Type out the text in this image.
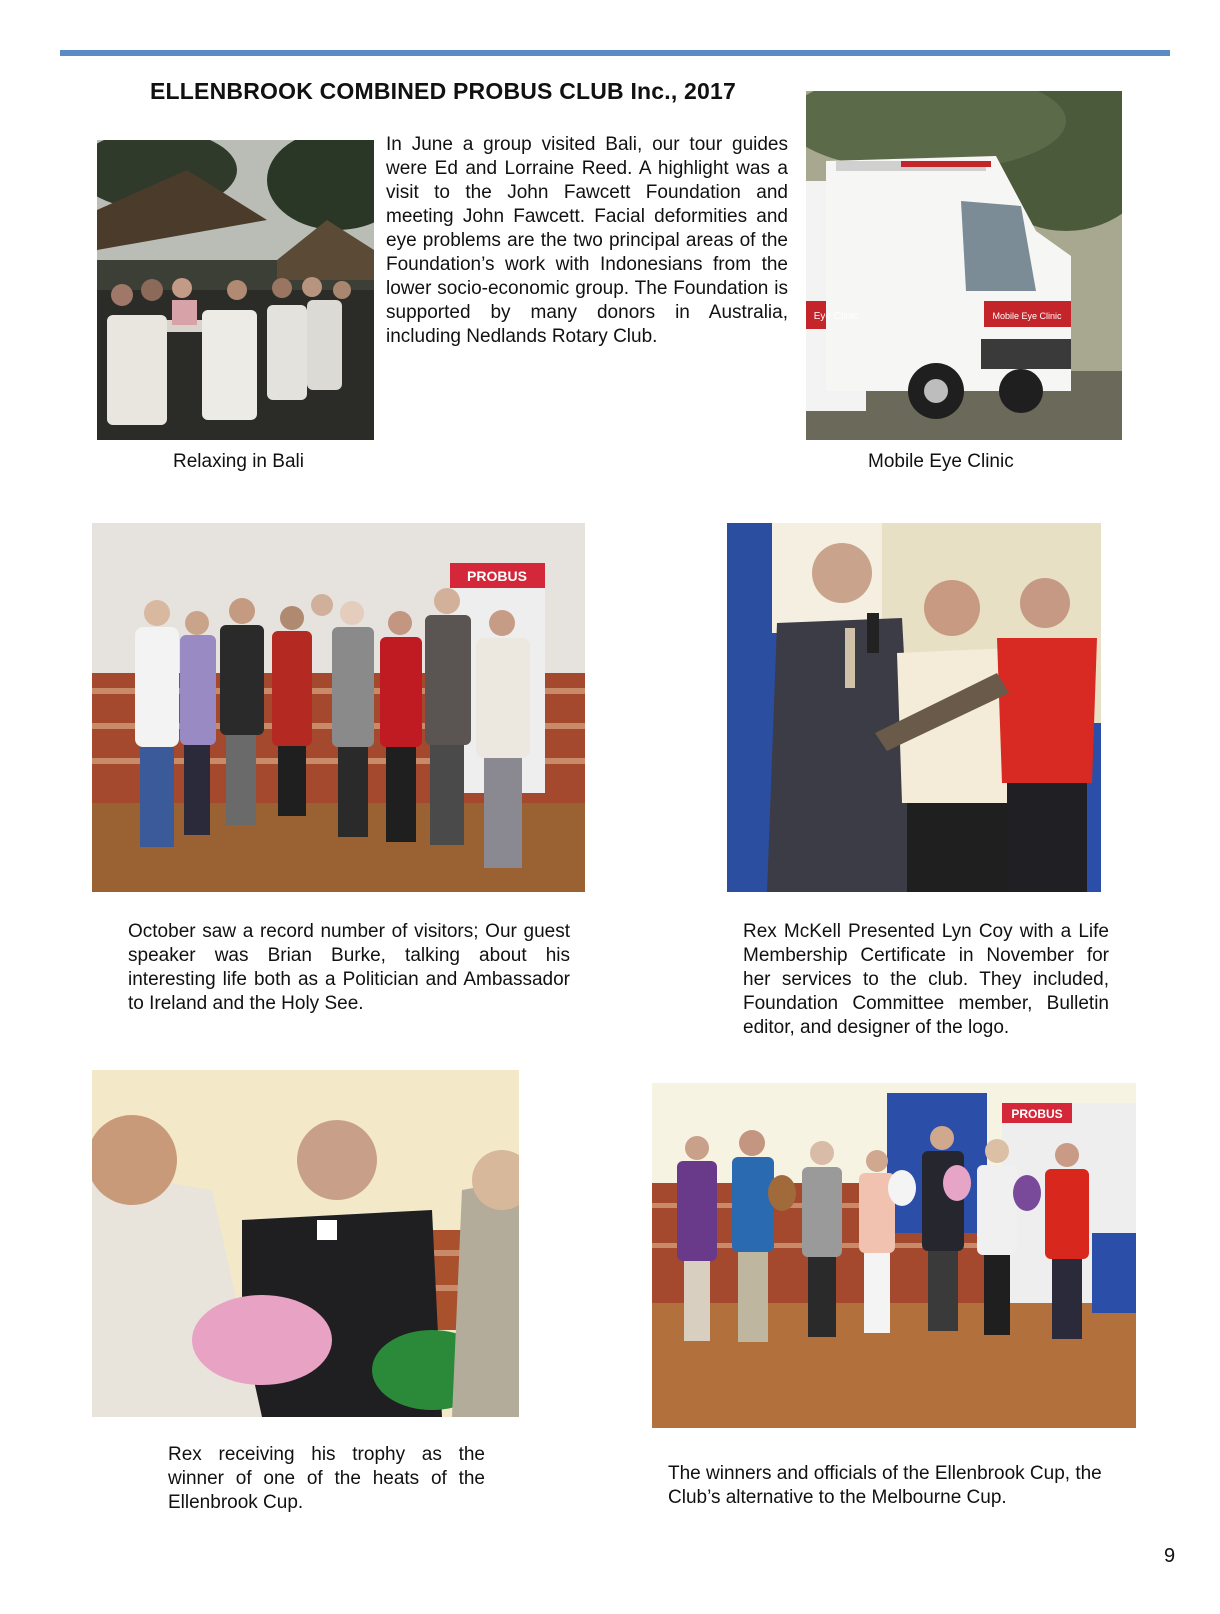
ELLENBROOK COMBINED PROBUS CLUB Inc., 2017
Relaxing in Bali
In June a group visited Bali, our tour guides were Ed and Lorraine Reed. A highlight was a visit to the John Fawcett Foundation and meeting John Fawcett. Facial deformities and eye problems are the two principal areas of the Foundation’s work with Indonesians from the lower socio-economic group. The Foundation is supported by many donors in Australia, including Nedlands Rotary Club.
Mobile Eye Clinic
Eye Clinic
Mobile Eye Clinic
PROBUS
October saw a record number of visitors; Our guest speaker was Brian Burke, talking about his interesting life both as a Politician and Ambassador to Ireland and the Holy See.
Rex McKell Presented Lyn Coy with a Life Membership Certificate in November for her services to the club. They included, Foundation Committee member, Bulletin editor, and designer of the logo.
Rex receiving his trophy as the winner of one of the heats of the Ellenbrook Cup.
PROBUS
The winners and officials of the Ellenbrook Cup, the Club’s alternative to the Melbourne Cup.
9
